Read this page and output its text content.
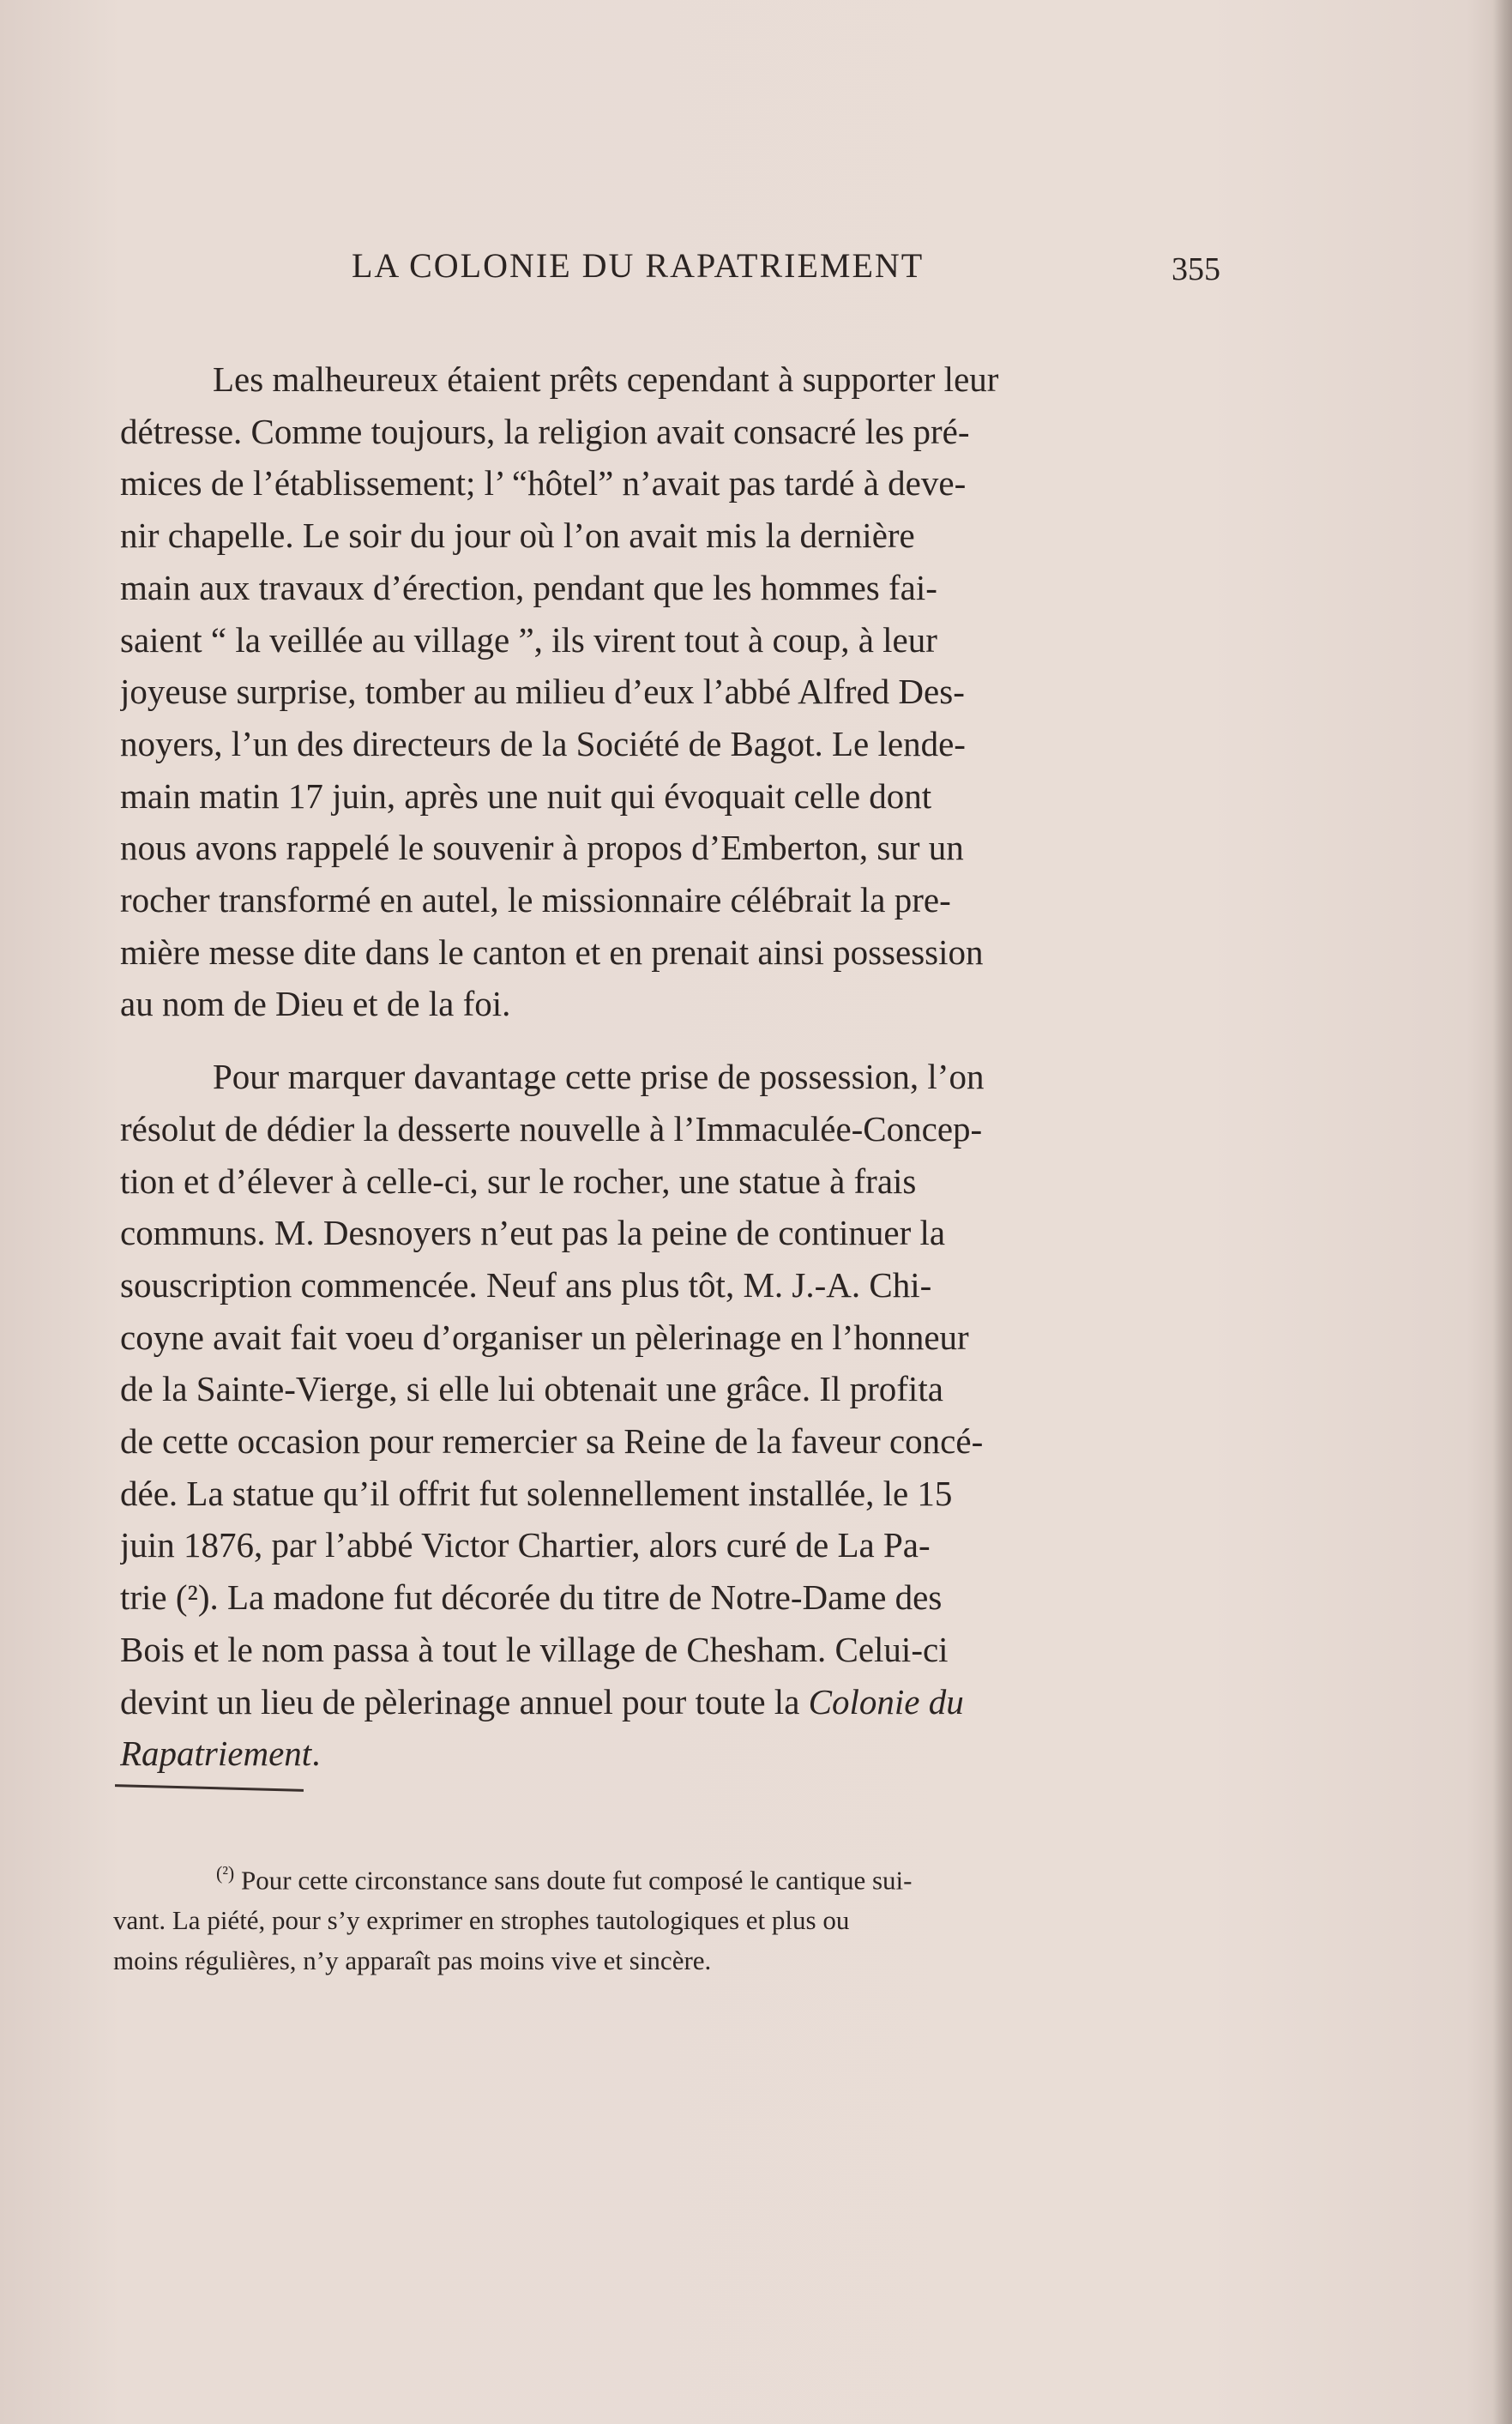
LA COLONIE DU RAPATRIEMENT	355

Les malheureux étaient prêts cependant à supporter leur

détresse. Comme toujours, la religion avait consacré les pré-

mices de l’établissement; l’ “hôtel” n’avait pas tardé à deve-

nir chapelle. Le soir du jour où l’on avait mis la dernière

main aux travaux d’érection, pendant que les hommes fai-

saient “ la veillée au village ”, ils virent tout à coup, à leur

joyeuse surprise, tomber au milieu d’eux l’abbé Alfred Des-

noyers, l’un des directeurs de la Société de Bagot. Le lende-

main matin 17 juin, après une nuit qui évoquait celle dont

nous avons rappelé le souvenir à propos d’Emberton, sur un

rocher transformé en autel, le missionnaire célébrait la pre-

mière messe dite dans le canton et en prenait ainsi possession

au nom de Dieu et de la foi.

Pour marquer davantage cette prise de possession, l’on

résolut de dédier la desserte nouvelle à l’Immaculée-Concep-

tion et d’élever à celle-ci, sur le rocher, une statue à frais

communs. M. Desnoyers n’eut pas la peine de continuer la

souscription commencée. Neuf ans plus tôt, M. J.-A. Chi-

coyne avait fait voeu d’organiser un pèlerinage en l’honneur

de la Sainte-Vierge, si elle lui obtenait une grâce. Il profita

de cette occasion pour remercier sa Reine de la faveur concé-

dée. La statue qu’il offrit fut solennellement installée, le 15

juin 1876, par l’abbé Victor Chartier, alors curé de La Pa-

trie (²). La madone fut décorée du titre de Notre-Dame des

Bois et le nom passa à tout le village de Chesham. Celui-ci

devint un lieu de pèlerinage annuel pour toute la Colonie du

Rapatriement.

$^{(^2)}$ Pour cette circonstance sans doute fut composé le cantique sui-

vant. La piété, pour s’y exprimer en strophes tautologiques et plus ou

moins régulières, n’y apparaît pas moins vive et sincère.
